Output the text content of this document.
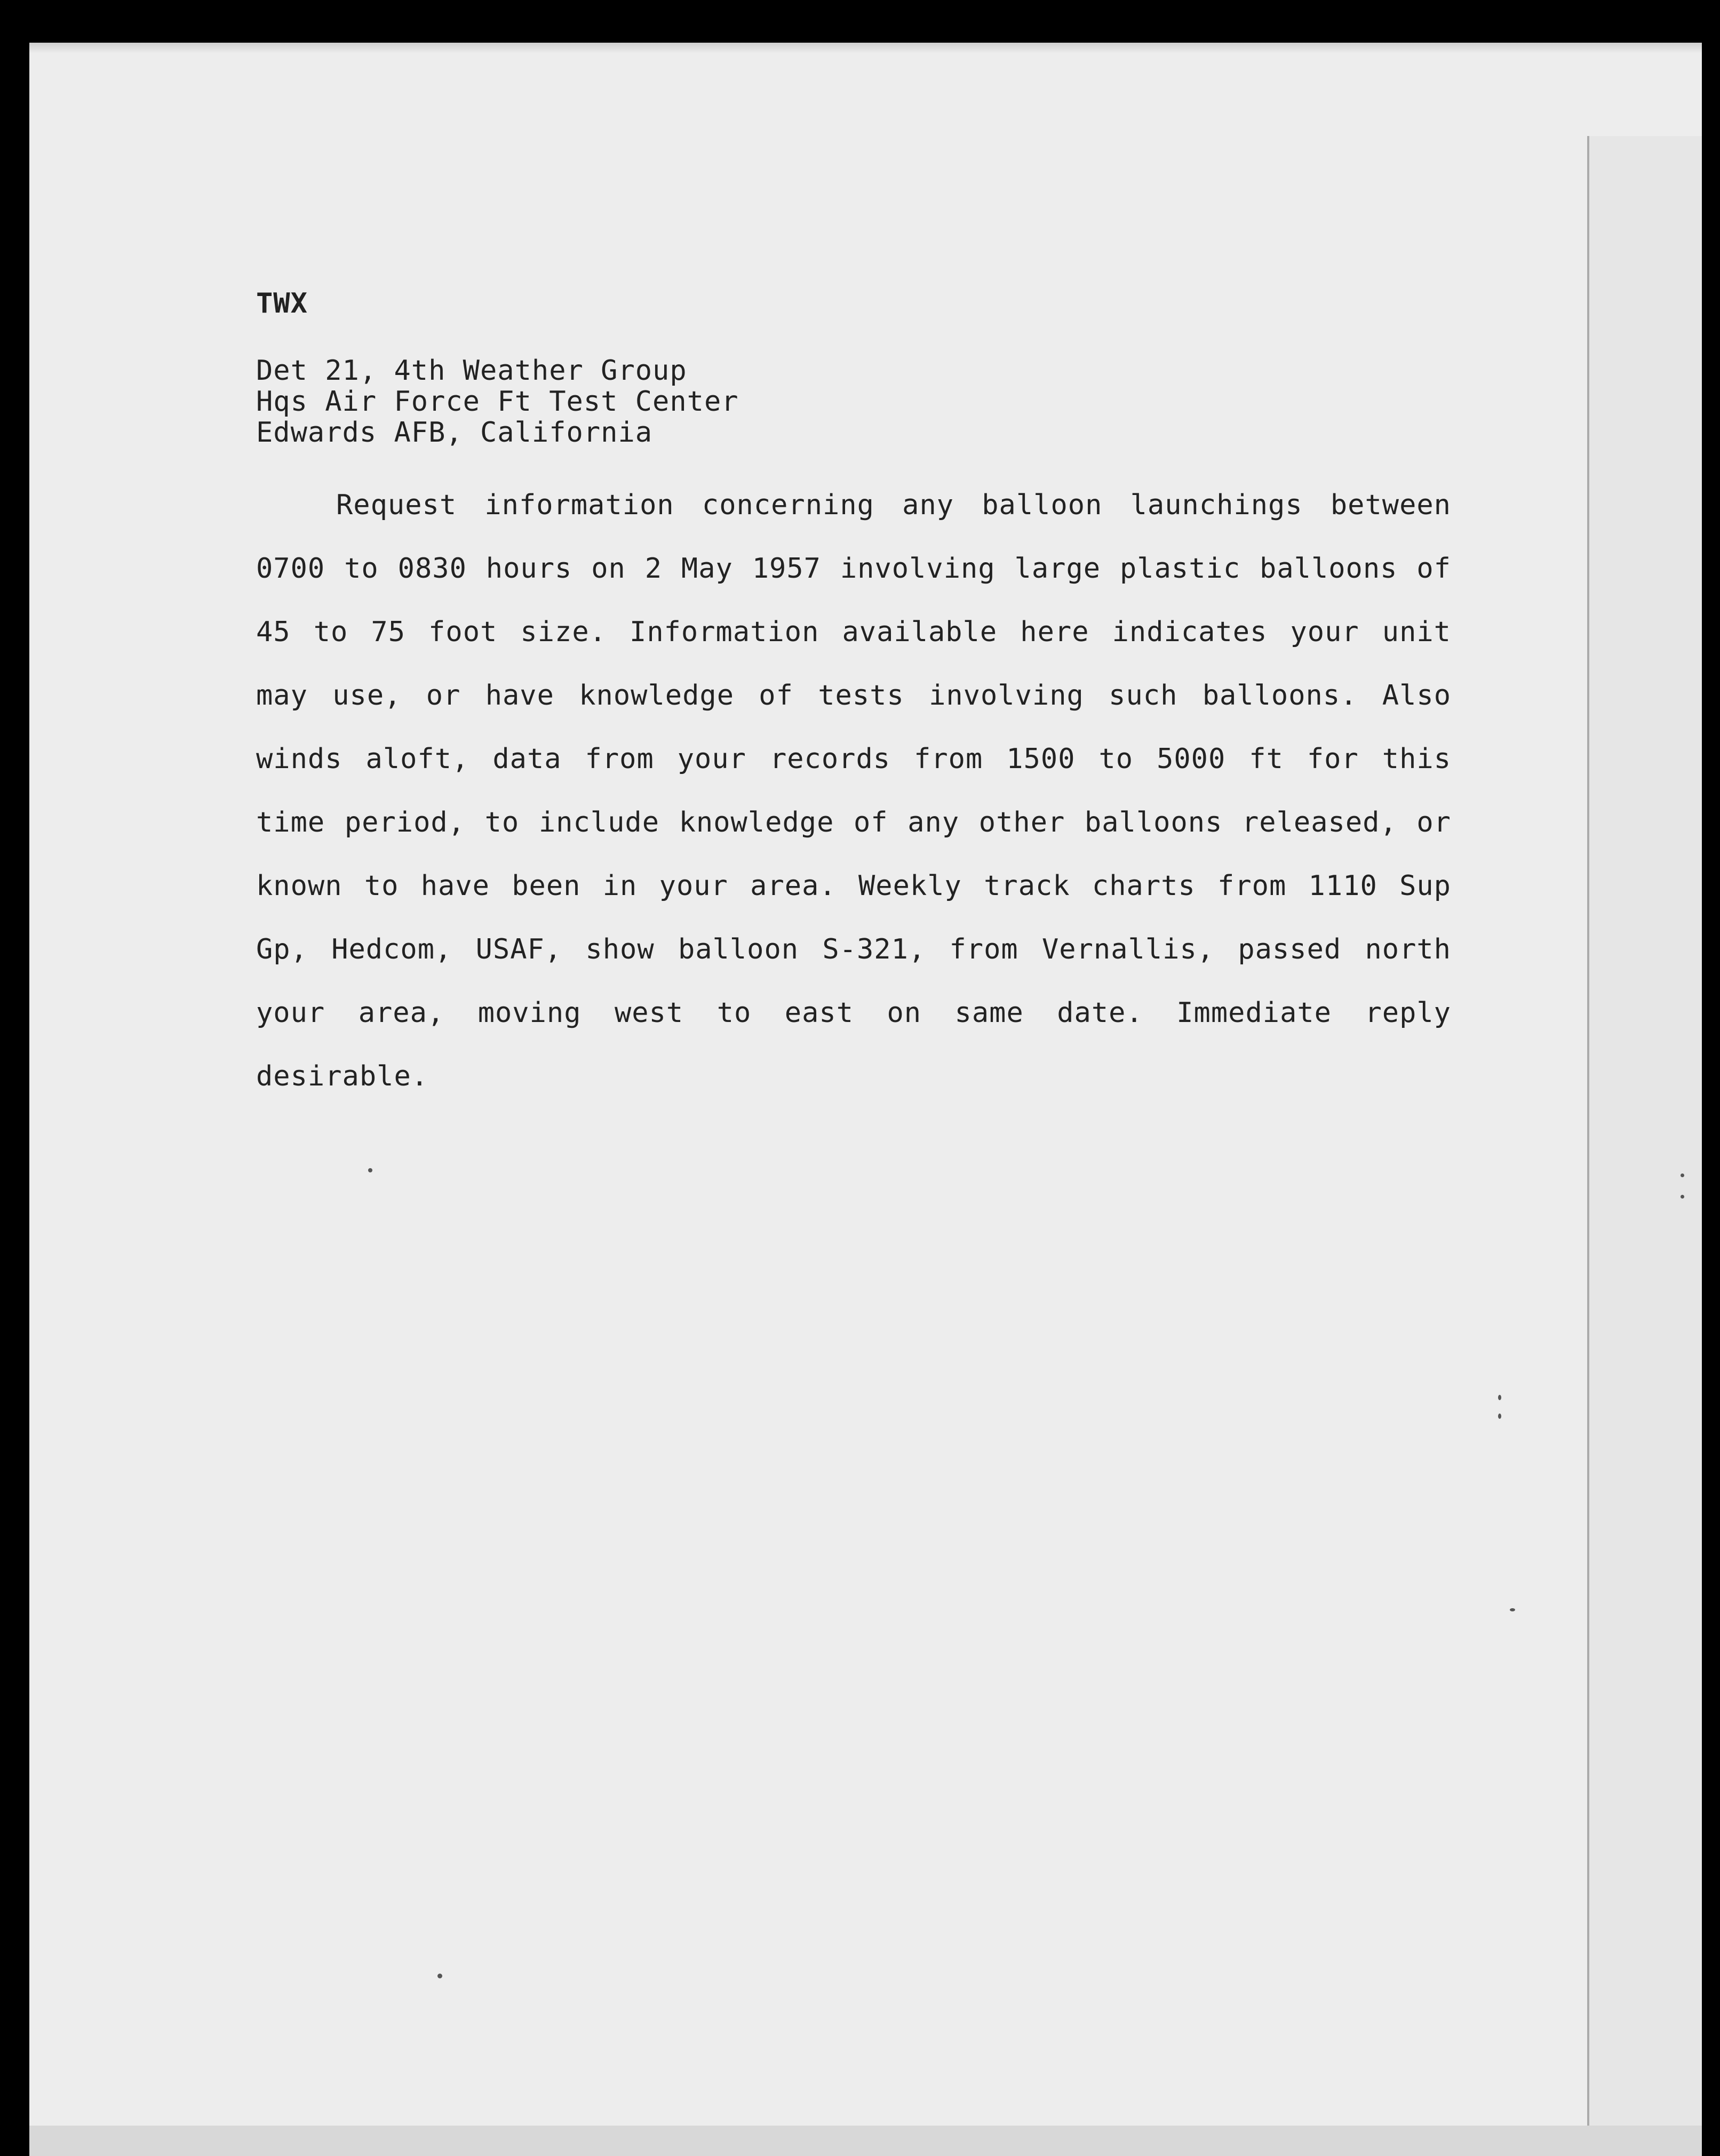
TWX
Det 21, 4th Weather Group
Hqs Air Force Ft Test Center
Edwards AFB, California
Request information concerning any balloon launchings between 0700 to 0830 hours on 2 May 1957 involving large plastic balloons of 45 to 75 foot size. Information available here indicates your unit may use, or have knowledge of tests involving such balloons. Also winds aloft, data from your records from 1500 to 5000 ft for this time period, to include knowledge of any other balloons released, or known to have been in your area. Weekly track charts from 1110 Sup Gp, Hedcom, USAF, show balloon S-321, from Vernallis, passed north your area, moving west to east on same date. Immediate reply desirable.
